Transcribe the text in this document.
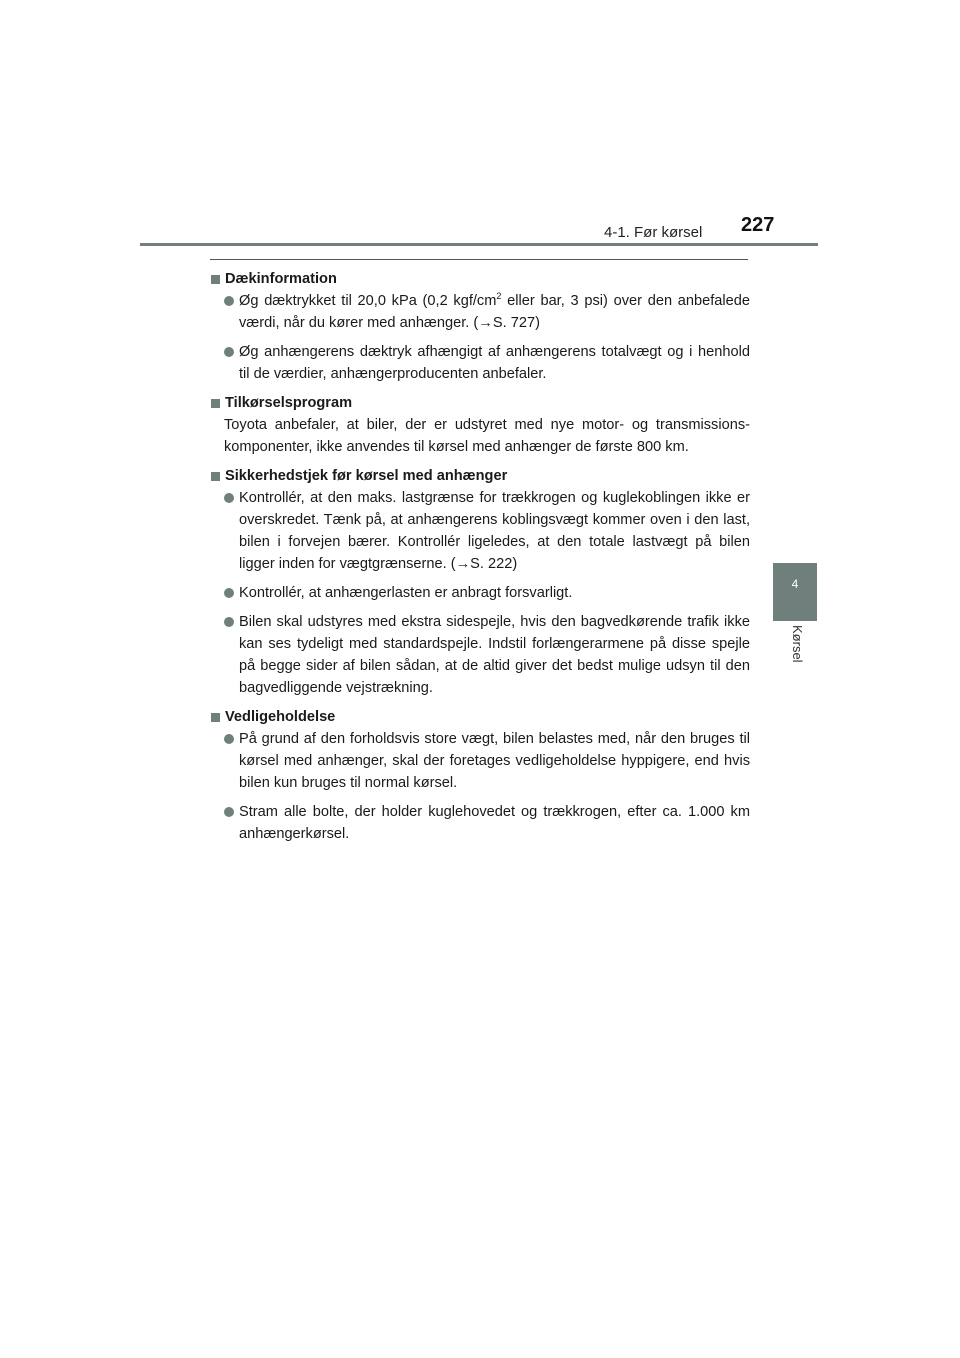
4-1. Før kørsel 227
4
Kørsel
Dækinformation
Øg dæktrykket til 20,0 kPa (0,2 kgf/$cm^2$ eller bar, 3 psi) over den anbefalede værdi, når du kører med anhænger. (→S. 727)
Øg anhængerens dæktryk afhængigt af anhængerens totalvægt og i henhold til de værdier, anhængerproducenten anbefaler.
Tilkørselsprogram
Toyota anbefaler, at biler, der er udstyret med nye motor- og transmissions-komponenter, ikke anvendes til kørsel med anhænger de første 800 km.
Sikkerhedstjek før kørsel med anhænger
Kontrollér, at den maks. lastgrænse for trækkrogen og kuglekoblingen ikke er overskredet. Tænk på, at anhængerens koblingsvægt kommer oven i den last, bilen i forvejen bærer. Kontrollér ligeledes, at den totale lastvægt på bilen ligger inden for vægtgrænserne. (→S. 222)
Kontrollér, at anhængerlasten er anbragt forsvarligt.
Bilen skal udstyres med ekstra sidespejle, hvis den bagvedkørende trafik ikke kan ses tydeligt med standardspejle. Indstil forlængerarmene på disse spejle på begge sider af bilen sådan, at de altid giver det bedst mulige udsyn til den bagvedliggende vejstrækning.
Vedligeholdelse
På grund af den forholdsvis store vægt, bilen belastes med, når den bruges til kørsel med anhænger, skal der foretages vedligeholdelse hyppigere, end hvis bilen kun bruges til normal kørsel.
Stram alle bolte, der holder kuglehovedet og trækkrogen, efter ca. 1.000 km anhængerkørsel.
